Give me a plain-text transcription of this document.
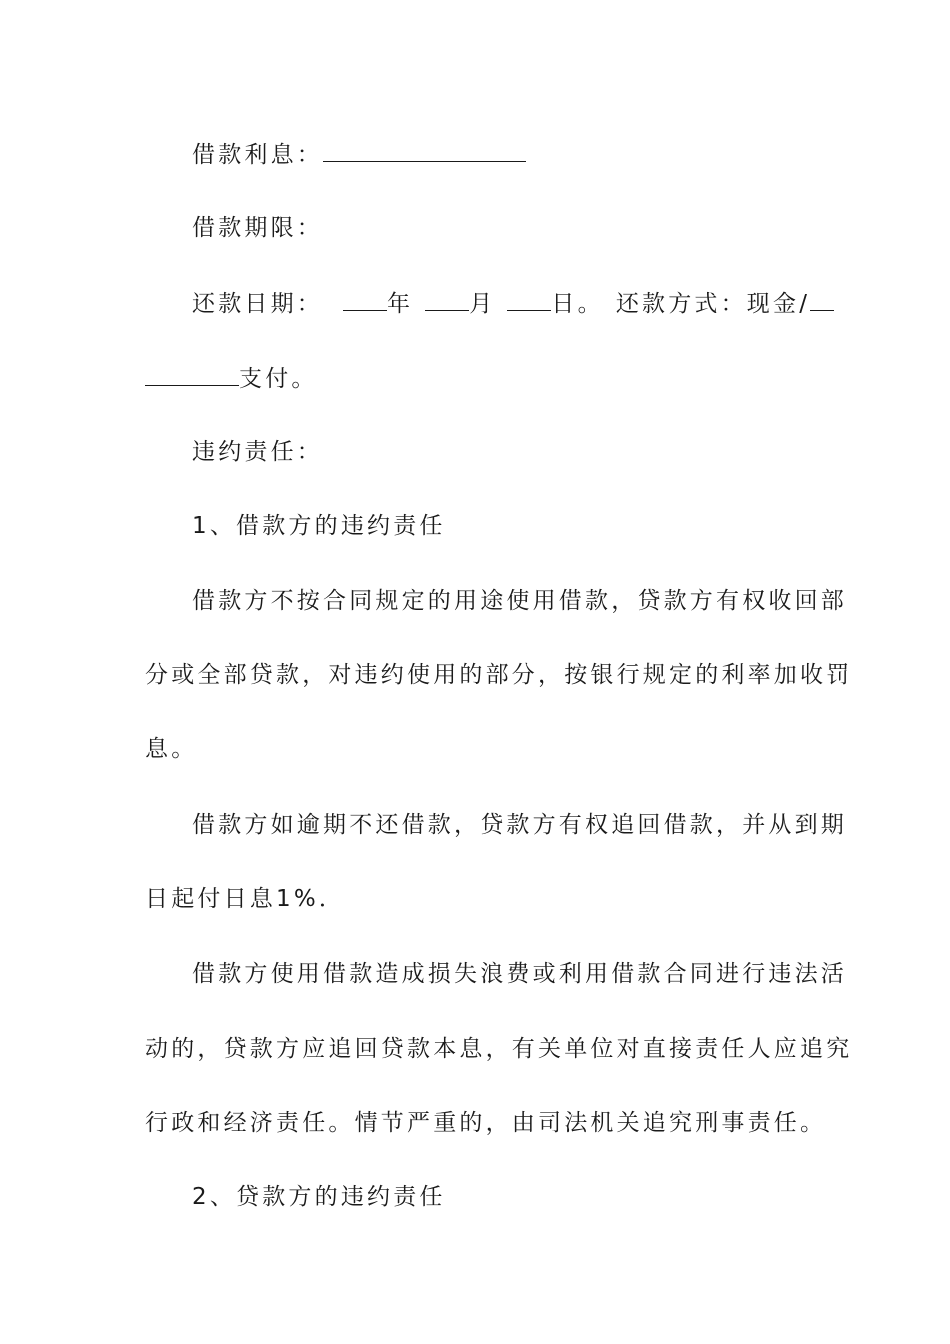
借款利息：
借款期限：
还款日期：	年 月 日。 还款方式：现金/
支付。
违约责任：
1、借款方的违约责任
借款方不按合同规定的用途使用借款，贷款方有权收回部
分或全部贷款，对违约使用的部分，按银行规定的利率加收罚
息。
借款方如逾期不还借款，贷款方有权追回借款，并从到期
日起付日息1%．
借款方使用借款造成损失浪费或利用借款合同进行违法活
动的，贷款方应追回贷款本息，有关单位对直接责任人应追究
行政和经济责任。情节严重的，由司法机关追究刑事责任。
2、贷款方的违约责任
